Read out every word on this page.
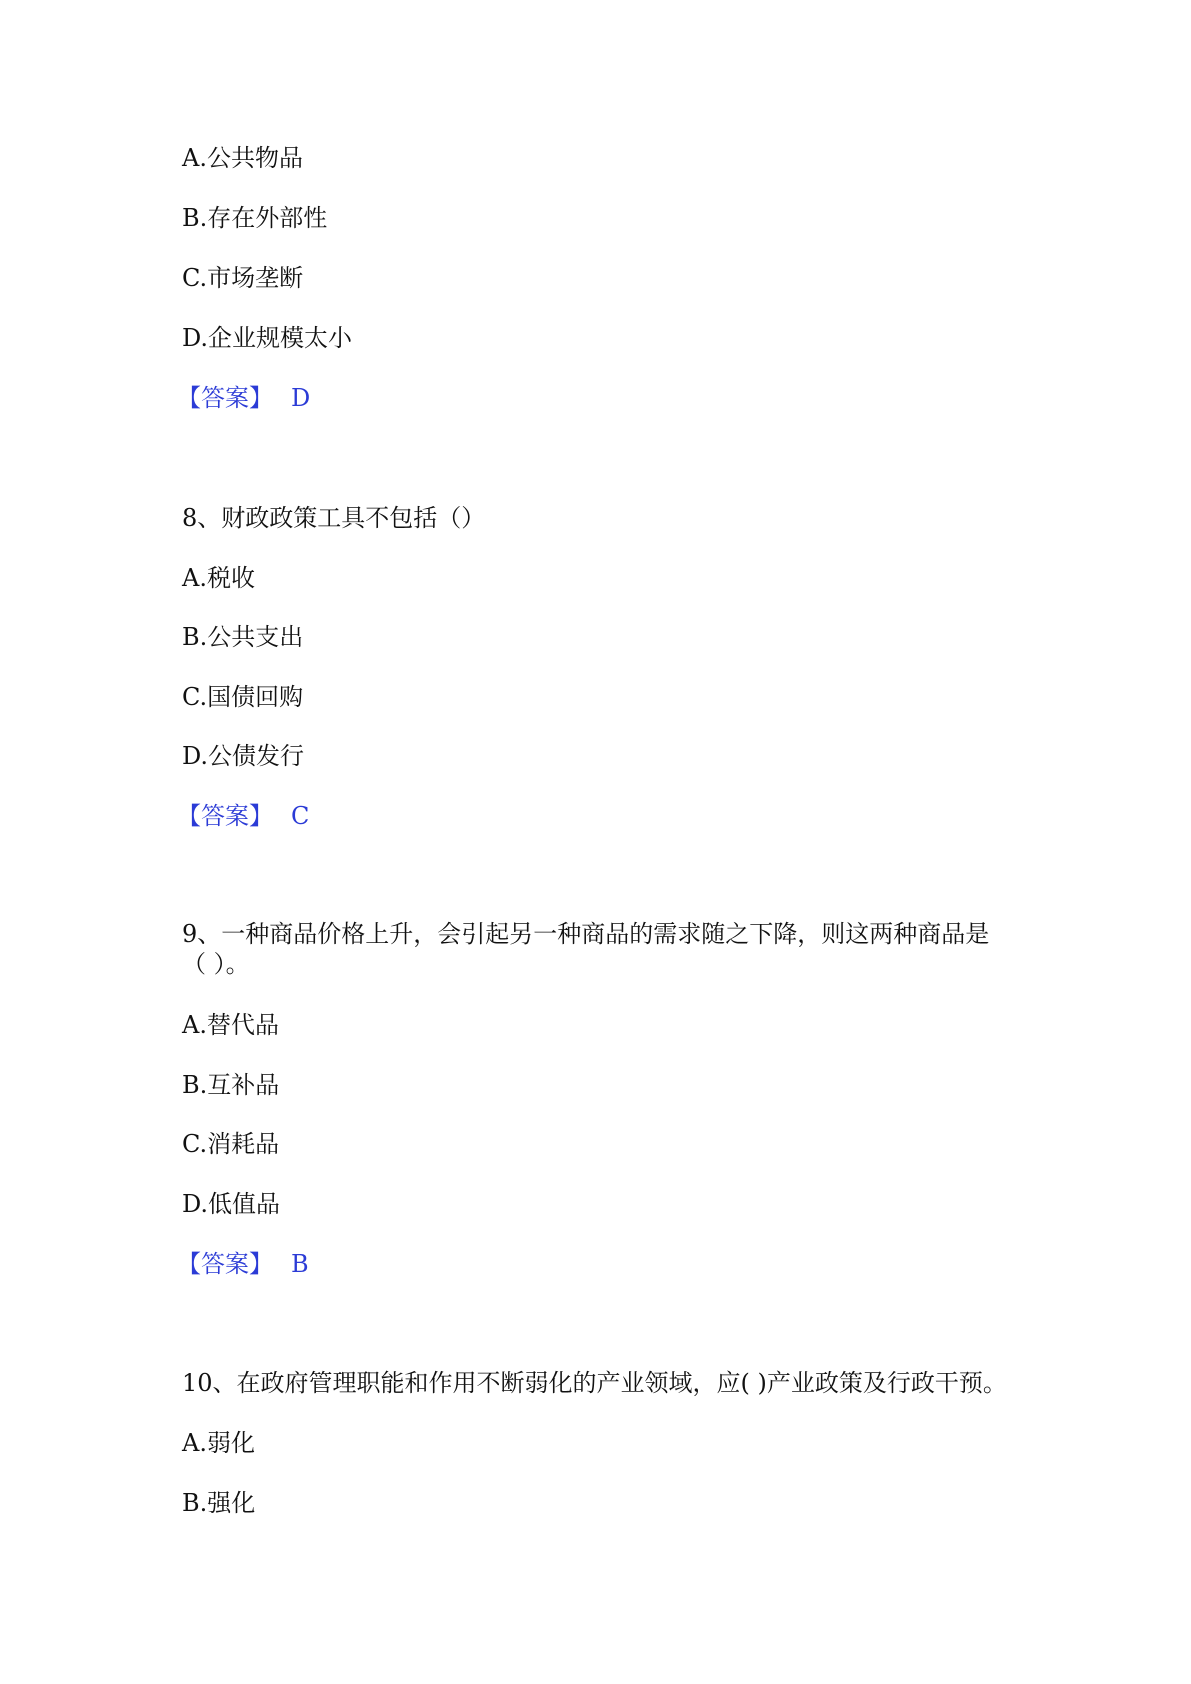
A.公共物品
B.存在外部性
C.市场垄断
D.企业规模太小
【答案】 D
8、财政政策工具不包括（）
A.税收
B.公共支出
C.国债回购
D.公债发行
【答案】 C
9、一种商品价格上升，会引起另一种商品的需求随之下降，则这两种商品是
（ ）。
A.替代品
B.互补品
C.消耗品
D.低值品
【答案】 B
10、在政府管理职能和作用不断弱化的产业领域，应( )产业政策及行政干预。
A.弱化
B.强化
